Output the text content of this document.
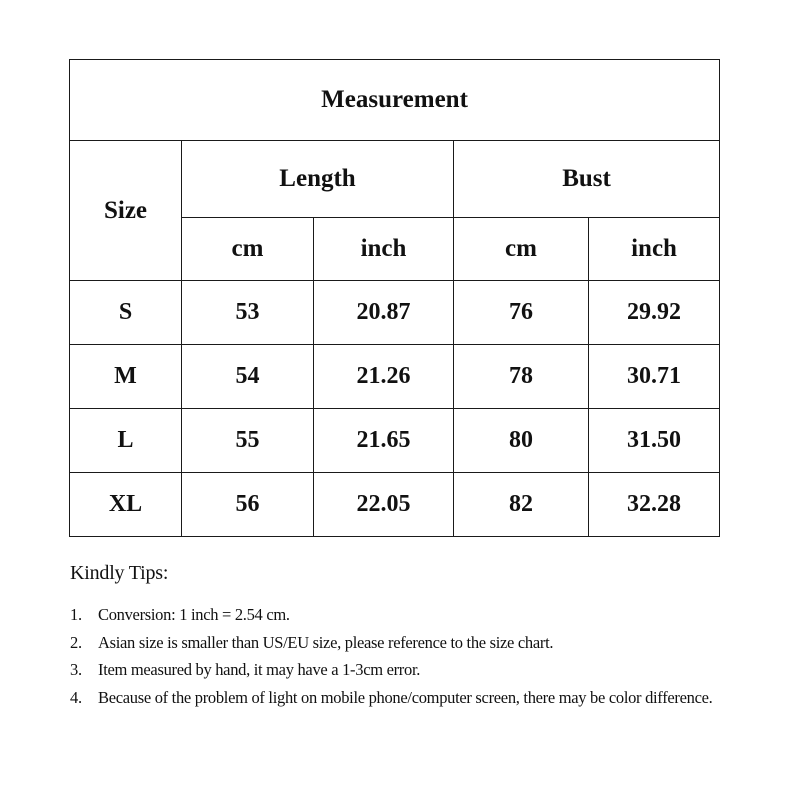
Measurement				
Size	Length		Bust	
	cm	inch	cm	inch
S	53	20.87	76	29.92
M	54	21.26	78	30.71
L	55	21.65	80	31.50
XL	56	22.05	82	32.28
Kindly Tips:
1. Conversion: 1 inch = 2.54 cm.
2. Asian size is smaller than US/EU size, please reference to the size chart.
3. Item measured by hand, it may have a 1-3cm error.
4. Because of the problem of light on mobile phone/computer screen, there may be color difference.
